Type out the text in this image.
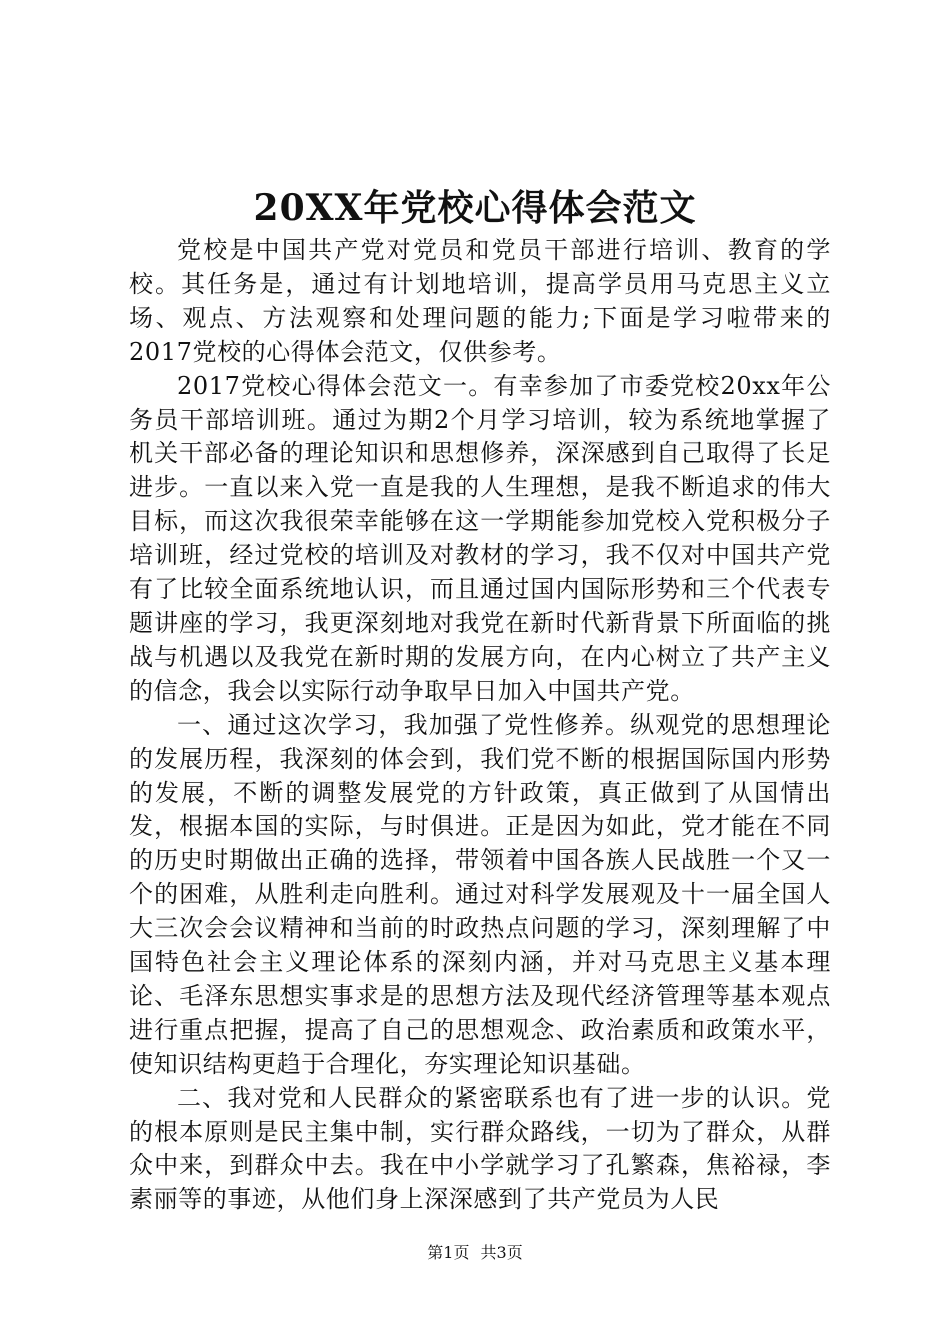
20XX年党校心得体会范文

党校是中国共产党对党员和党员干部进行培训、教育的学校。其任务是，通过有计划地培训，提高学员用马克思主义立场、观点、方法观察和处理问题的能力;下面是学习啦带来的2017党校的心得体会范文，仅供参考。

2017党校心得体会范文一。有幸参加了市委党校20xx年公务员干部培训班。通过为期2个月学习培训，较为系统地掌握了机关干部必备的理论知识和思想修养，深深感到自己取得了长足进步。一直以来入党一直是我的人生理想，是我不断追求的伟大目标，而这次我很荣幸能够在这一学期能参加党校入党积极分子培训班，经过党校的培训及对教材的学习，我不仅对中国共产党有了比较全面系统地认识，而且通过国内国际形势和三个代表专题讲座的学习，我更深刻地对我党在新时代新背景下所面临的挑战与机遇以及我党在新时期的发展方向，在内心树立了共产主义的信念，我会以实际行动争取早日加入中国共产党。

一、通过这次学习，我加强了党性修养。纵观党的思想理论的发展历程，我深刻的体会到，我们党不断的根据国际国内形势的发展，不断的调整发展党的方针政策，真正做到了从国情出发，根据本国的实际，与时俱进。正是因为如此，党才能在不同的历史时期做出正确的选择，带领着中国各族人民战胜一个又一个的困难，从胜利走向胜利。通过对科学发展观及十一届全国人大三次会会议精神和当前的时政热点问题的学习，深刻理解了中国特色社会主义理论体系的深刻内涵，并对马克思主义基本理论、毛泽东思想实事求是的思想方法及现代经济管理等基本观点进行重点把握，提高了自己的思想观念、政治素质和政策水平，使知识结构更趋于合理化，夯实理论知识基础。

二、我对党和人民群众的紧密联系也有了进一步的认识。党的根本原则是民主集中制，实行群众路线，一切为了群众，从群众中来，到群众中去。我在中小学就学习了孔繁森，焦裕禄，李素丽等的事迹，从他们身上深深感到了共产党员为人民

第1页 共3页
